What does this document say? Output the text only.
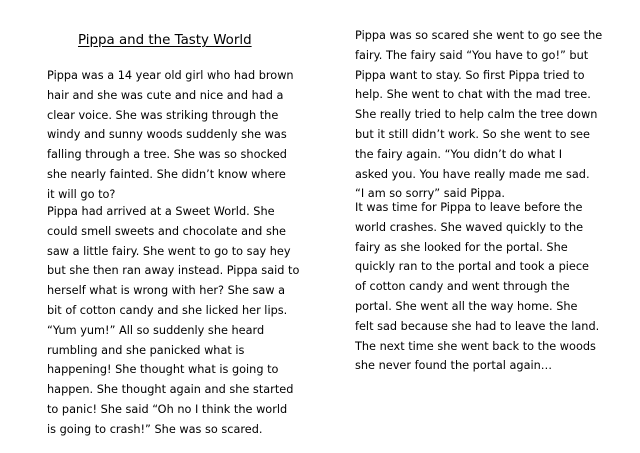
Pippa and the Tasty World
Pippa was a 14 year old girl who had brown
hair and she was cute and nice and had a
clear voice. She was striking through the
windy and sunny woods suddenly she was
falling through a tree. She was so shocked
she nearly fainted. She didn’t know where
it will go to?
Pippa had arrived at a Sweet World. She
could smell sweets and chocolate and she
saw a little fairy. She went to go to say hey
but she then ran away instead. Pippa said to
herself what is wrong with her? She saw a
bit of cotton candy and she licked her lips.
“Yum yum!” All so suddenly she heard
rumbling and she panicked what is
happening! She thought what is going to
happen. She thought again and she started
to panic! She said “Oh no I think the world
is going to crash!” She was so scared.
Pippa was so scared she went to go see the
fairy. The fairy said “You have to go!” but
Pippa want to stay. So first Pippa tried to
help. She went to chat with the mad tree.
She really tried to help calm the tree down
but it still didn’t work. So she went to see
the fairy again. “You didn’t do what I
asked you. You have really made me sad.
“I am so sorry” said Pippa.
It was time for Pippa to leave before the
world crashes. She waved quickly to the
fairy as she looked for the portal. She
quickly ran to the portal and took a piece
of cotton candy and went through the
portal. She went all the way home. She
felt sad because she had to leave the land.
The next time she went back to the woods
she never found the portal again…
